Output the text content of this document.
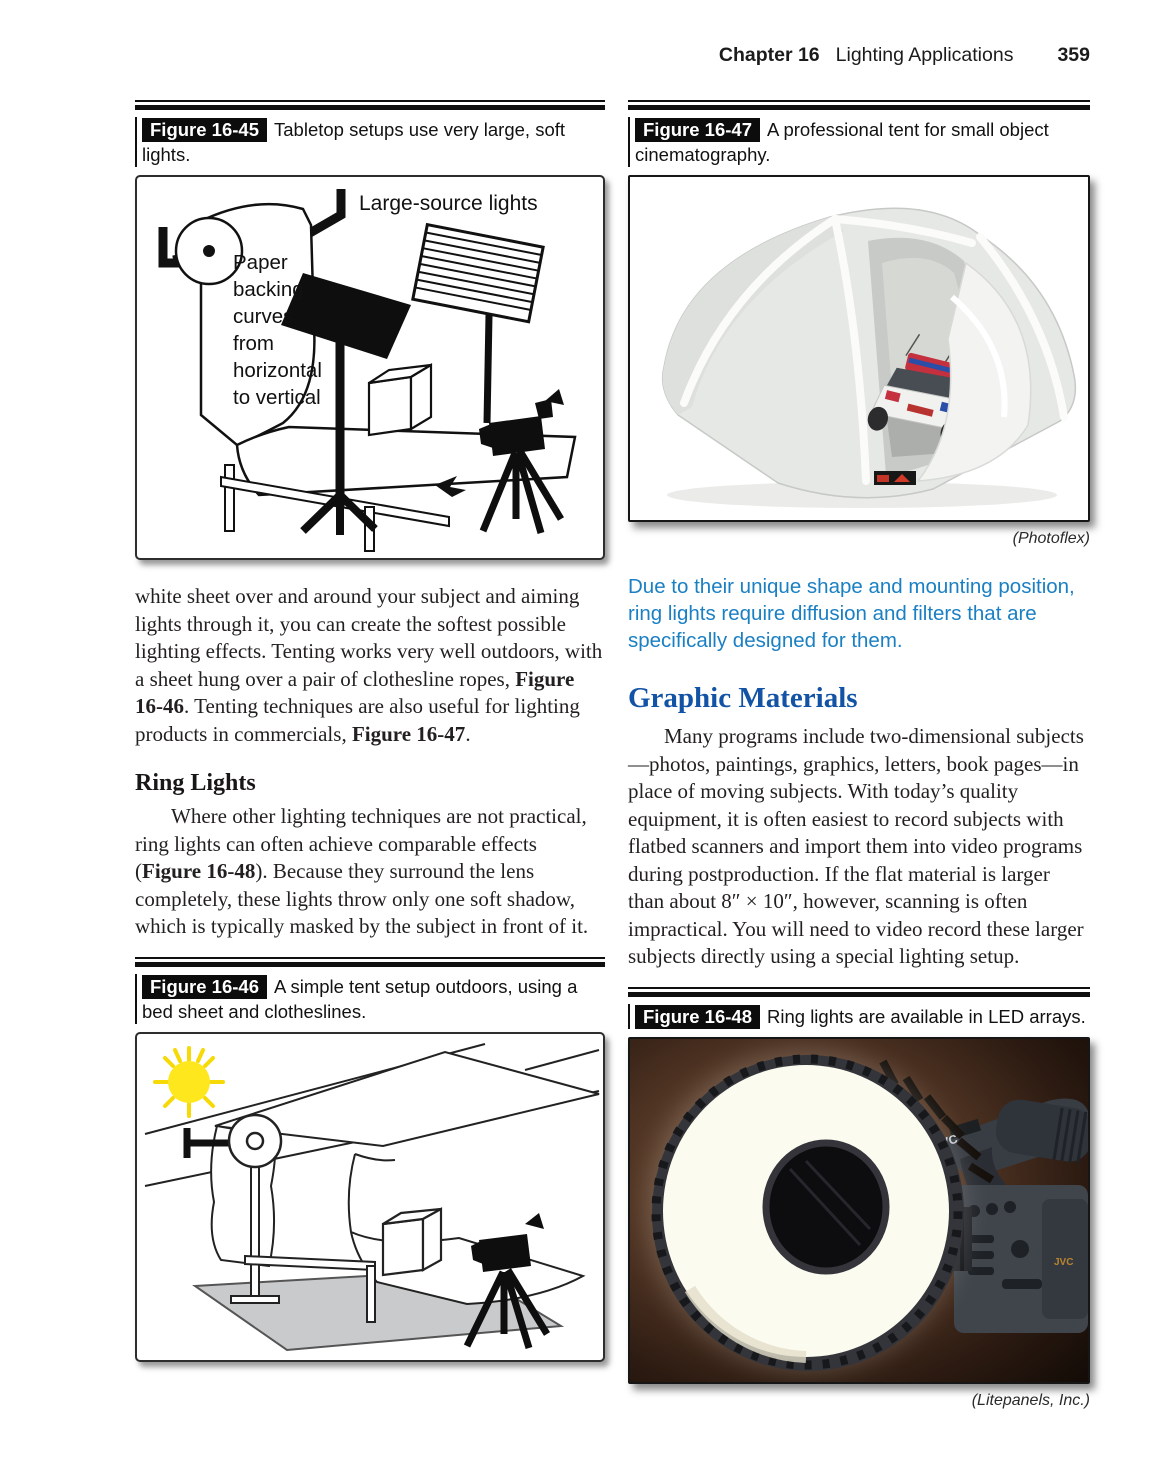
Chapter 16 Lighting Applications 359
Figure 16-45 Tabletop setups use very large, soft lights.
Large-source lights
Paper
backing
curves
from
horizontal
to vertical

white sheet over and around your subject and aiming lights through it, you can create the softest possible lighting effects. Tenting works very well outdoors, with a sheet hung over a pair of clothesline ropes, Figure 16-46. Tenting techniques are also useful for lighting products in commercials, Figure 16-47.

Ring Lights

Where other lighting techniques are not practical, ring lights can often achieve comparable effects (Figure 16-48). Because they surround the lens completely, these lights throw only one soft shadow, which is typically masked by the subject in front of it.

Figure 16-46 A simple tent setup outdoors, using a bed sheet and clotheslines.
Figure 16-47 A professional tent for small object cinematography.
(Photoflex)

Due to their unique shape and mounting position, ring lights require diffusion and filters that are specifically designed for them.

Graphic Materials

Many programs include two-dimensional subjects—photos, paintings, graphics, letters, book pages—in place of moving subjects. With today’s quality equipment, it is often easiest to record subjects with flatbed scanners and import them into video programs during postproduction. If the flat material is larger than about 8″ × 10″, however, scanning is often impractical. You will need to video record these larger subjects directly using a special lighting setup.

Figure 16-48 Ring lights are available in LED arrays.
JVC
(Litepanels, Inc.)
